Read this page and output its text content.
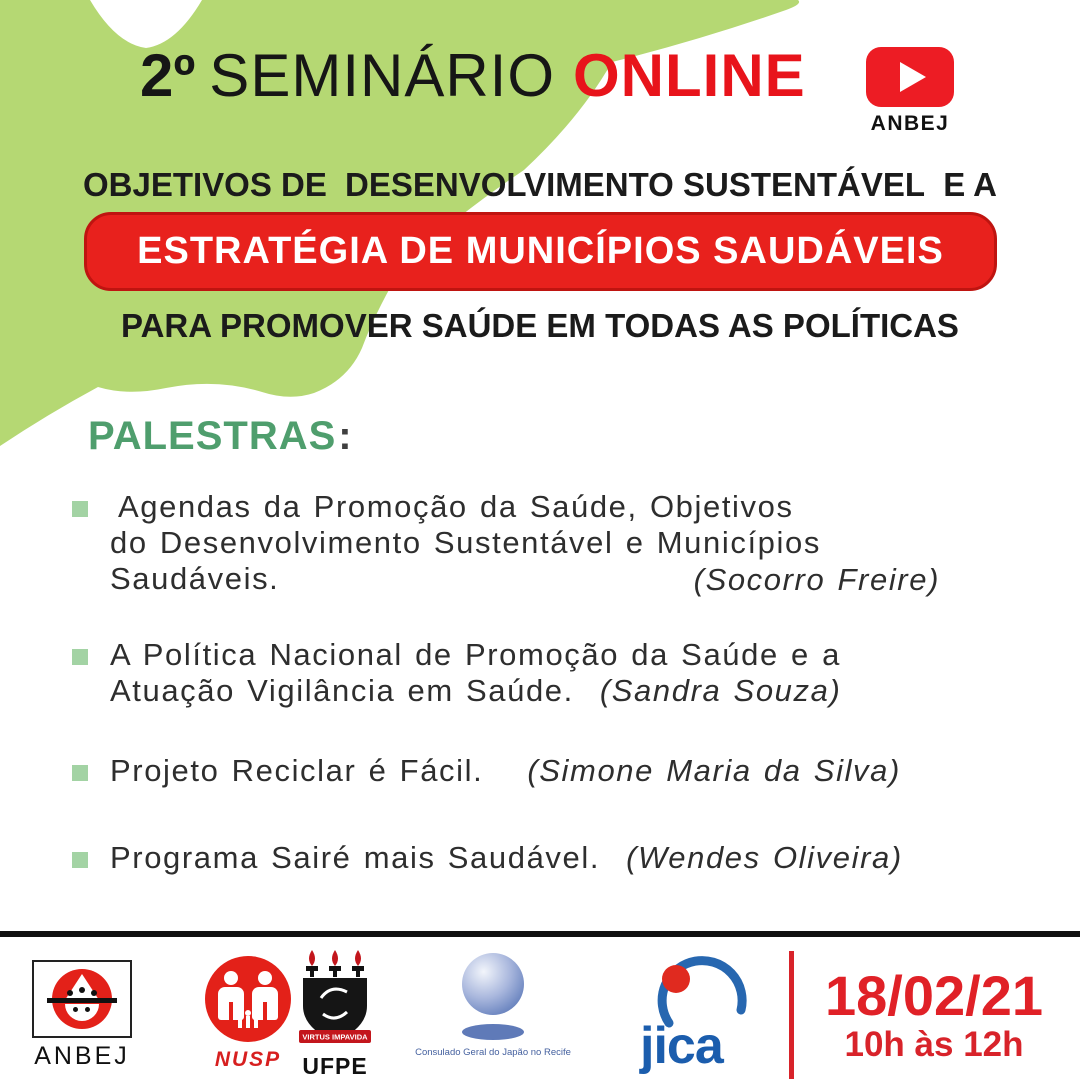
2º SEMINÁRIO ONLINE
ANBEJ
OBJETIVOS DE DESENVOLVIMENTO SUSTENTÁVEL E A
ESTRATÉGIA DE MUNICÍPIOS SAUDÁVEIS
PARA PROMOVER SAÚDE EM TODAS AS POLÍTICAS
PALESTRAS:
Agendas da Promoção da Saúde, Objetivos
do Desenvolvimento Sustentável e Municípios
Saudáveis.	(Socorro Freire)
A Política Nacional de Promoção da Saúde e a
Atuação Vigilância em Saúde. (Sandra Souza)
Projeto Reciclar é Fácil. (Simone Maria da Silva)
Programa Sairé mais Saudável. (Wendes Oliveira)
ANBEJ	NUSP
VIRTUS IMPAVIDA
UFPE
Consulado Geral do Japão no Recife jica
18/02/21
10h às 12h
